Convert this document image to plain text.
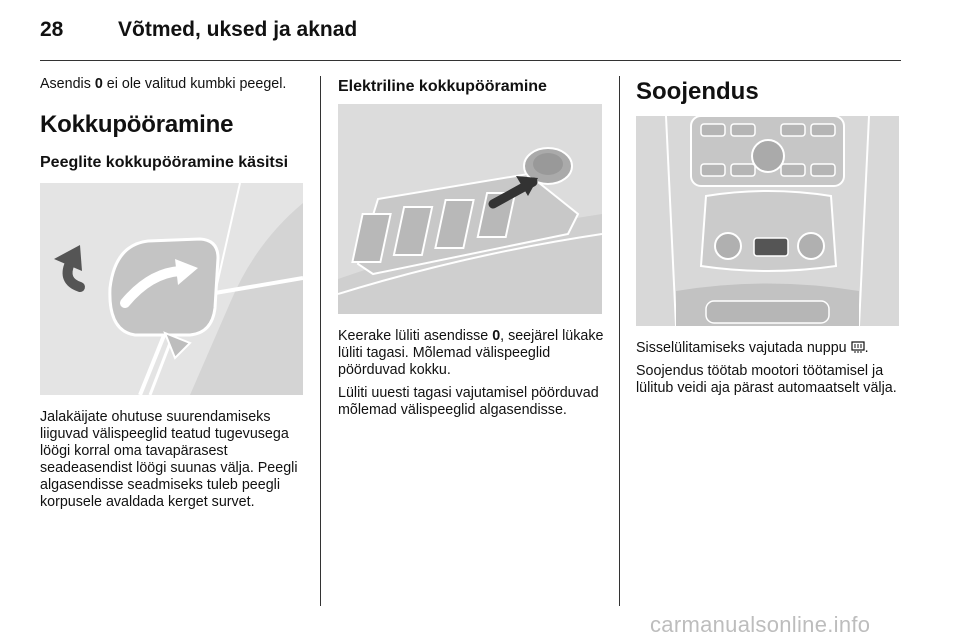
28	Võtmed, uksed ja aknad

Asendis 0 ei ole valitud kumbki peegel.

Kokkupööramine
Peeglite kokkupööramine käsitsi

Jalakäijate ohutuse suurendamiseks liiguvad välispeeglid teatud tugevusega löögi korral oma tavapärasest seadeasendist löögi suunas välja. Peegli algasendisse seadmiseks tuleb peegli korpusele avaldada kerget survet.

Elektriline kokkupööramine

Keerake lüliti asendisse 0, seejärel lükake lüliti tagasi. Mõlemad välispeeglid pöörduvad kokku.

Lüliti uuesti tagasi vajutamisel pöörduvad mõlemad välispeeglid algasendisse.

Soojendus

Sisselülitamiseks vajutada nuppu .

Soojendus töötab mootori töötamisel ja lülitub veidi aja pärast automaatselt välja.

carmanualsonline.info
